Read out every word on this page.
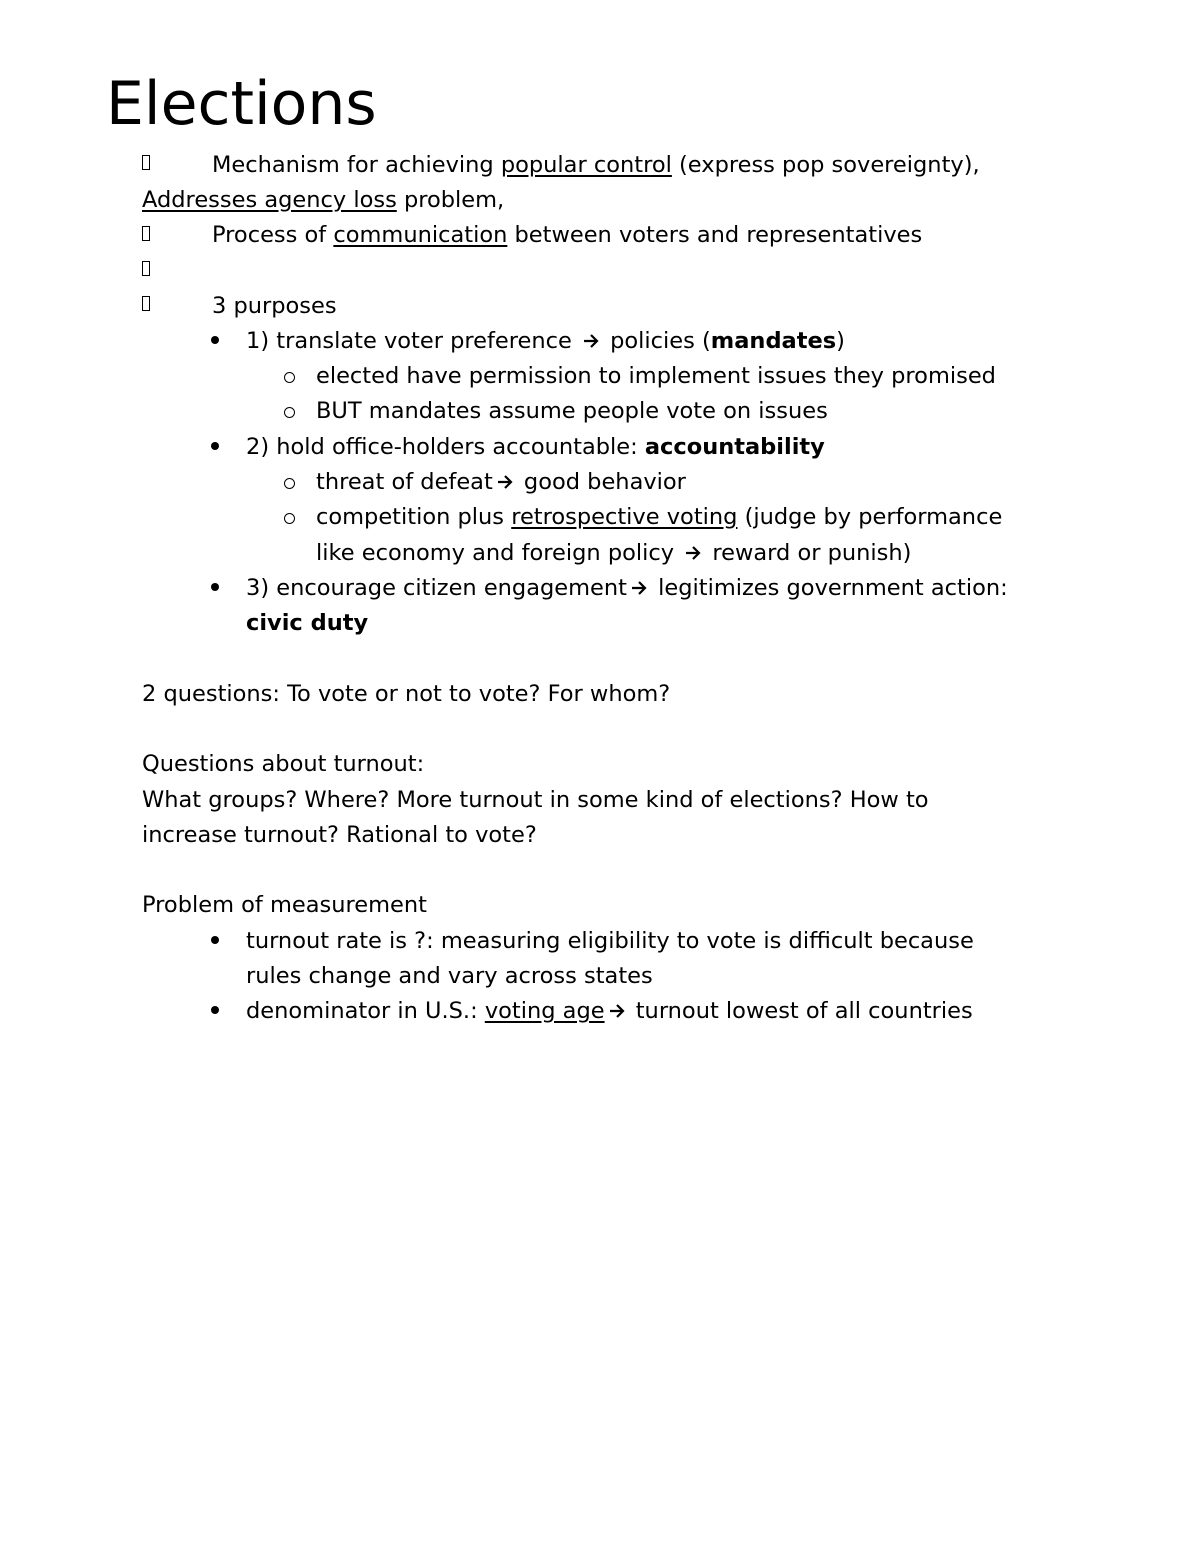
Elections
Mechanism for achieving popular control (express pop sovereignty),
Addresses agency loss problem,
Process of communication between voters and representatives
3 purposes
1) translate voter preference
policies (mandates)
elected have permission to implement issues they promised
BUT mandates assume people vote on issues
2) hold office-holders accountable: accountability
threat of defeat
good behavior
competition plus retrospective voting (judge by performance
like economy and foreign policy
reward or punish)
3) encourage citizen engagement
legitimizes government action:
civic duty
2 questions: To vote or not to vote? For whom?
Questions about turnout:
What groups? Where? More turnout in some kind of elections? How to
increase turnout? Rational to vote?
Problem of measurement
turnout rate is ?: measuring eligibility to vote is difficult because
rules change and vary across states
denominator in U.S.: voting age
turnout lowest of all countries
